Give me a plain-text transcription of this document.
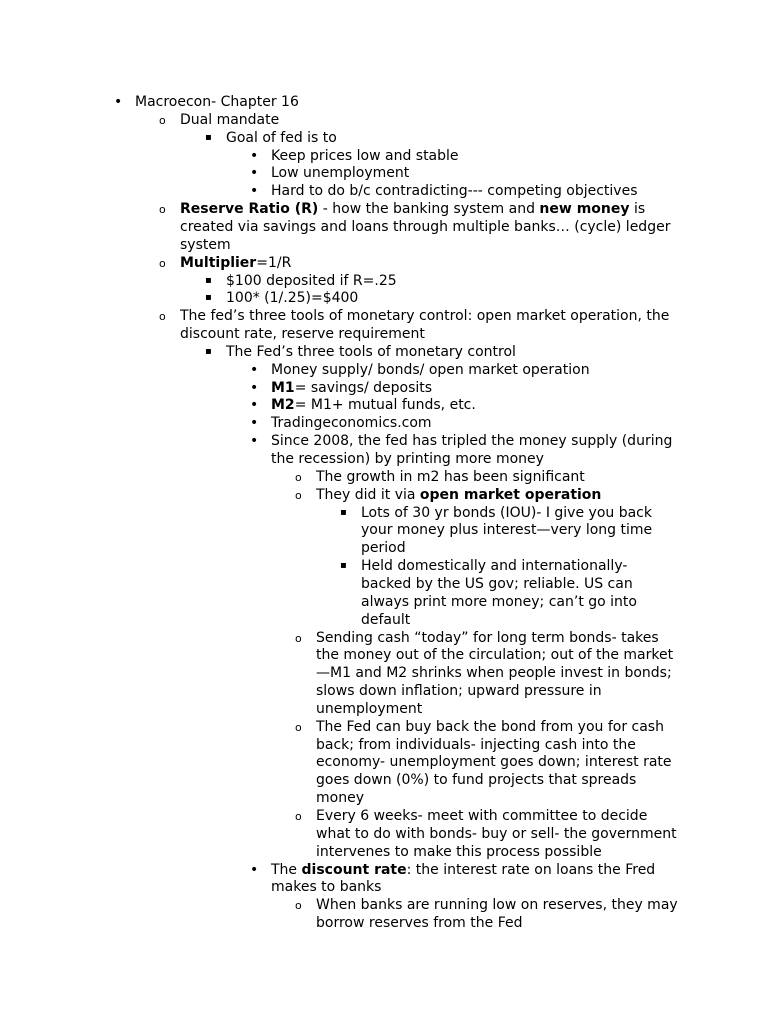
• Macroecon- Chapter 16
o Dual mandate
▪ Goal of fed is to
• Keep prices low and stable
• Low unemployment
• Hard to do b/c contradicting--- competing objectives
o Reserve Ratio (R) - how the banking system and new money is
created via savings and loans through multiple banks… (cycle) ledger
system
o Multiplier=1/R
▪ $100 deposited if R=.25
▪ 100* (1/.25)=$400
o The fed’s three tools of monetary control: open market operation, the
discount rate, reserve requirement
▪ The Fed’s three tools of monetary control
• Money supply/ bonds/ open market operation
• M1= savings/ deposits
• M2= M1+ mutual funds, etc.
• Tradingeconomics.com
• Since 2008, the fed has tripled the money supply (during
the recession) by printing more money
o The growth in m2 has been significant
o They did it via open market operation
▪ Lots of 30 yr bonds (IOU)- I give you back
your money plus interest—very long time
period
▪ Held domestically and internationally-
backed by the US gov; reliable. US can
always print more money; can’t go into
default
o Sending cash “today” for long term bonds- takes
the money out of the circulation; out of the market
—M1 and M2 shrinks when people invest in bonds;
slows down inflation; upward pressure in
unemployment
o The Fed can buy back the bond from you for cash
back; from individuals- injecting cash into the
economy- unemployment goes down; interest rate
goes down (0%) to fund projects that spreads
money
o Every 6 weeks- meet with committee to decide
what to do with bonds- buy or sell- the government
intervenes to make this process possible
• The discount rate: the interest rate on loans the Fred
makes to banks
o When banks are running low on reserves, they may
borrow reserves from the Fed
